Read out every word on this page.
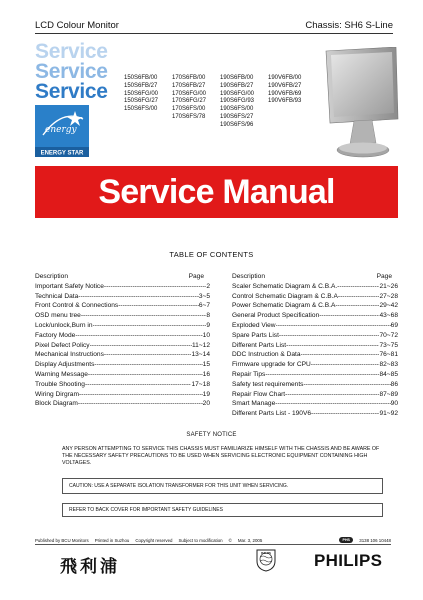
LCD Colour Monitor	Chassis: SH6 S-Line
Service
Service
Service
energy
ENERGY STAR
150S6FB/00
150S6FB/27
150S6FG/00
150S6FG/27
150S6FS/00
170S6FB/00
170S6FB/27
170S6FG/00
170S6FG/27
170S6FS/00
170S6FS/78
190S6FB/00
190S6FB/27
190S6FG/00
190S6FG/93
190S6FS/00
190S6FS/27
190S6FS/96
190V6FB/00
190V6FB/27
190V6FB/69
190V6FB/93
Service Manual
TABLE OF CONTENTS
Description	Page
Important Safety Notice -----	2
Technical Data -----	3~5
Front Control & Connections -----	6~7
OSD menu tree -----	8
Lock/unlock,Burn in -----	9
Factory Mode -----	10
Pixel Defect Policy -----	11~12
Mechanical Instructions -----	13~14
Display Adjustments -----	15
Warning Message -----	16
Trouble Shooting -----	17~18
Wiring Dirgram -----	19
Block Diagram -----	20
Description	Page
Scaler Schematic Diagram & C.B.A. -----	21~26
Control Schematic Diagram & C.B.A -----	27~28
Power Schematic Diagram & C.B.A -----	29~42
General Product Specification -----	43~68
Exploded View -----	69
Spare Parts List -----	70~72
Different Parts List -----	73~75
DDC Instruction & Data--- -----	76~81
Firmware upgrade for CPU -----	82~83
Repair Tips -----	84~85
Safety test requirements -----	86
Repair Flow Chart -----	87~89
Smart Manage -----	90
Different Parts List - 190V6 -----	91~92
SAFETY NOTICE
ANY PERSON ATTEMPTING TO SERVICE THIS CHASSIS MUST FAMILIARIZE HIMSELF WITH THE CHASSIS AND BE AWARE OF THE NECESSARY SAFETY PRECAUTIONS TO BE USED WHEN SERVICING ELECTRONIC EQUIPMENT CONTAINING HIGH VOLTAGES.
CAUTION: USE A SEPARATE ISOLATION TRANSFORMER FOR THIS UNIT WHEN SERVICING.
REFER TO BACK COVER FOR IMPORTANT SAFETY GUIDELINES
Published by BCU Monitors Printed in Suzhou Copyright reserved Subject to modification © Mar. 3, 2005	PHS	3138 106 10448
飛利浦
PHILIPS	PHILIPS
